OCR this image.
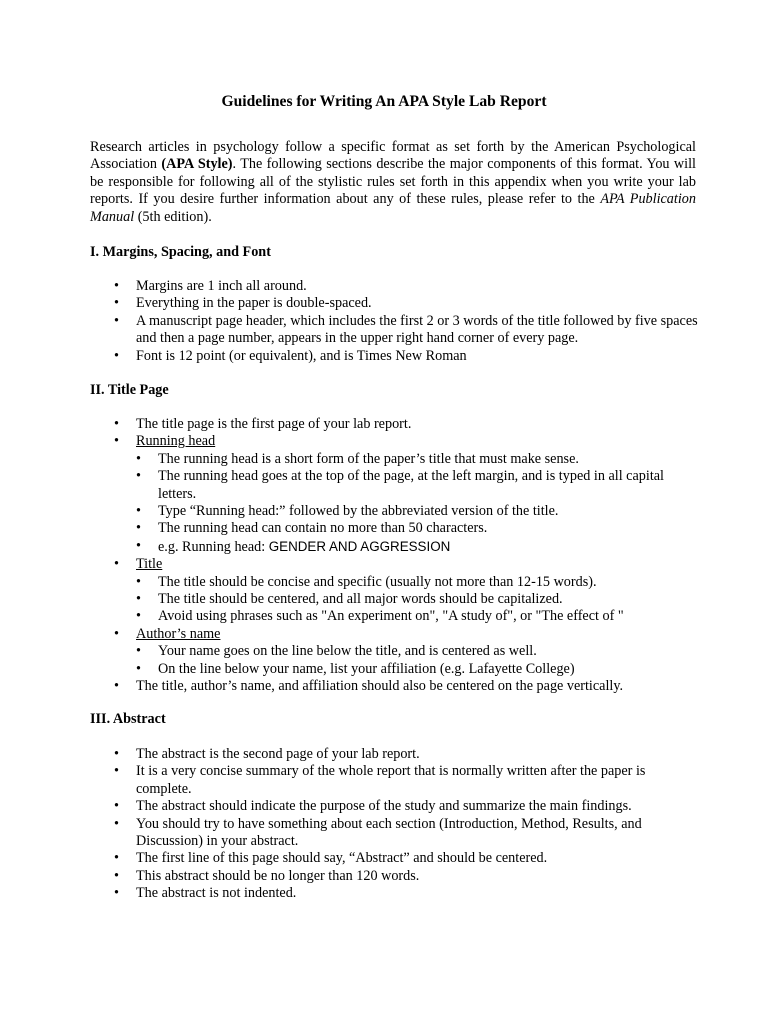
Guidelines for Writing An APA Style Lab Report

Research articles in psychology follow a specific format as set forth by the American Psychological Association (APA Style). The following sections describe the major components of this format. You will be responsible for following all of the stylistic rules set forth in this appendix when you write your lab reports. If you desire further information about any of these rules, please refer to the APA Publication Manual (5th edition).

I. Margins, Spacing, and Font

• Margins are 1 inch all around.
• Everything in the paper is double-spaced.
• A manuscript page header, which includes the first 2 or 3 words of the title followed by five spaces and then a page number, appears in the upper right hand corner of every page.
• Font is 12 point (or equivalent), and is Times New Roman

II. Title Page

• The title page is the first page of your lab report.
• Running head
• The running head is a short form of the paper’s title that must make sense.
• The running head goes at the top of the page, at the left margin, and is typed in all capital letters.
• Type “Running head:” followed by the abbreviated version of the title.
• The running head can contain no more than 50 characters.
• e.g. Running head: GENDER AND AGGRESSION
• Title
• The title should be concise and specific (usually not more than 12-15 words).
• The title should be centered, and all major words should be capitalized.
• Avoid using phrases such as "An experiment on", "A study of", or "The effect of "
• Author’s name
• Your name goes on the line below the title, and is centered as well.
• On the line below your name, list your affiliation (e.g. Lafayette College)
• The title, author’s name, and affiliation should also be centered on the page vertically.

III. Abstract

• The abstract is the second page of your lab report.
• It is a very concise summary of the whole report that is normally written after the paper is complete.
• The abstract should indicate the purpose of the study and summarize the main findings.
• You should try to have something about each section (Introduction, Method, Results, and Discussion) in your abstract.
• The first line of this page should say, “Abstract” and should be centered.
• This abstract should be no longer than 120 words.
• The abstract is not indented.
